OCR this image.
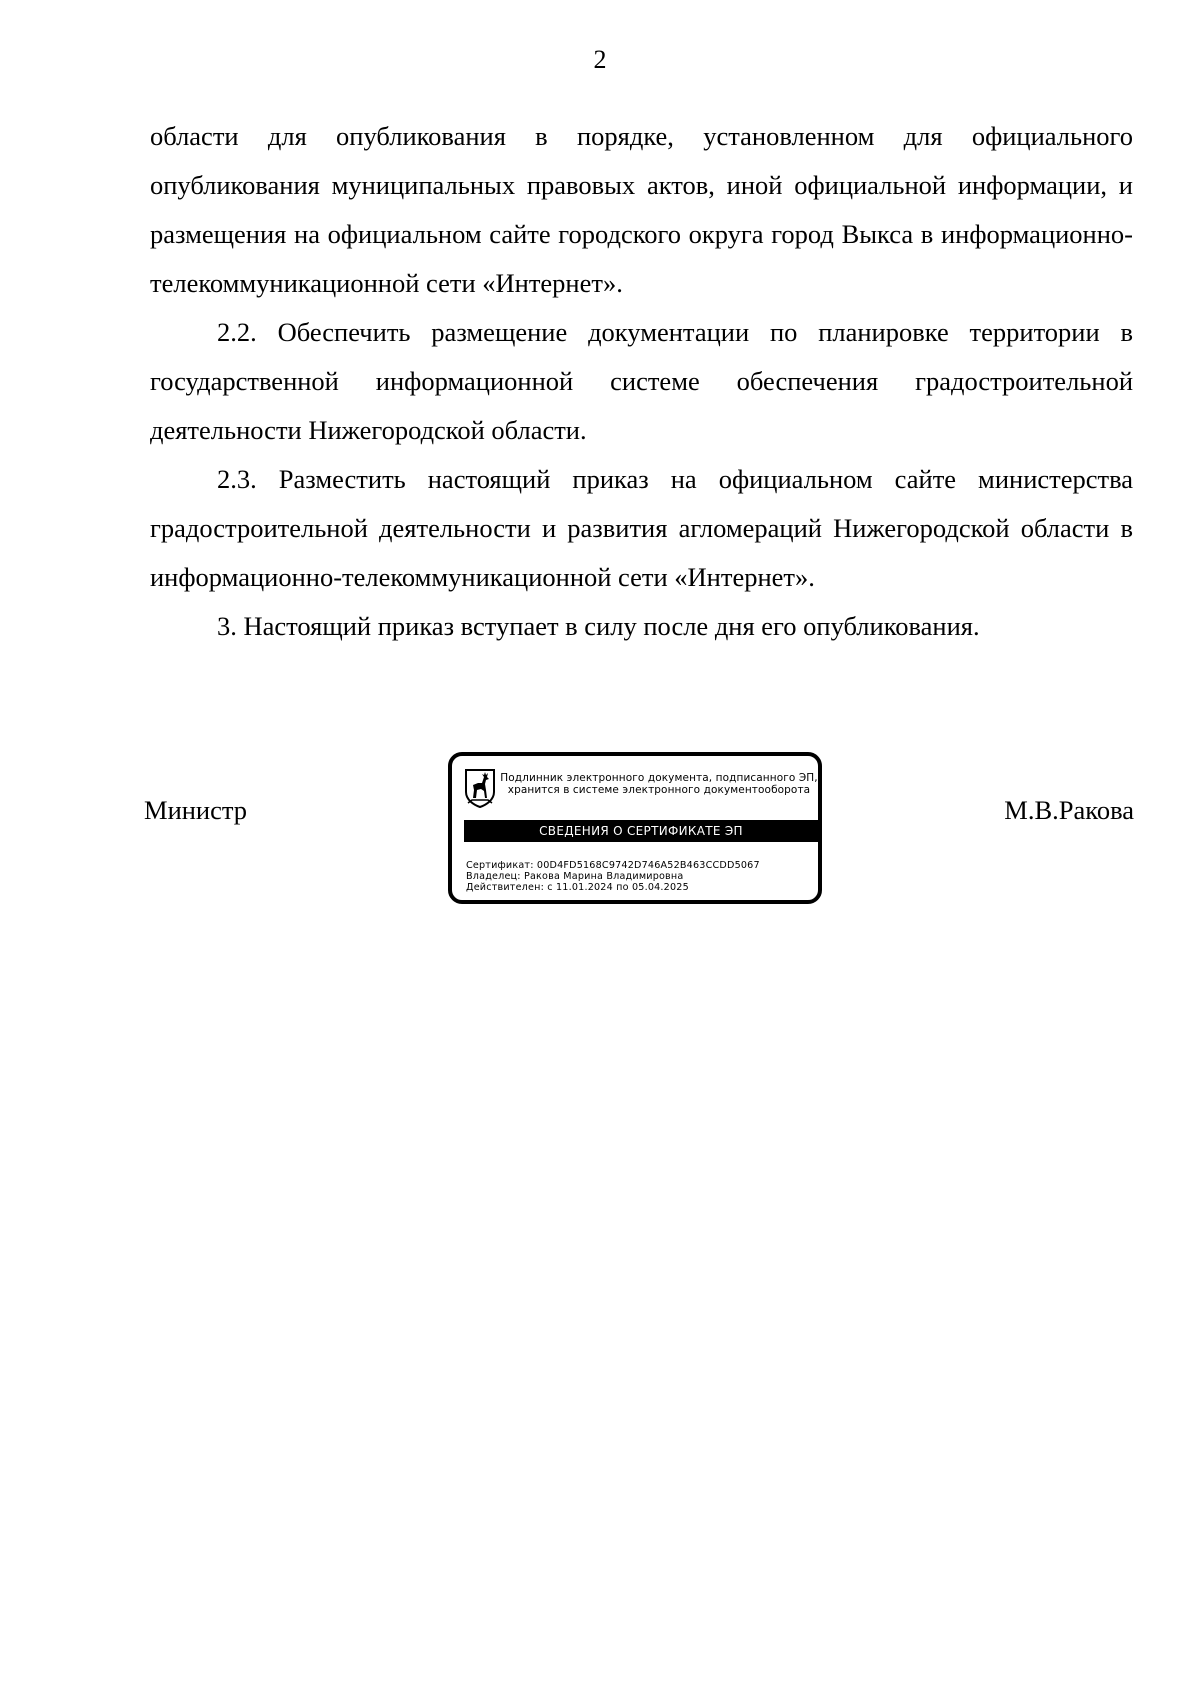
2

области для опубликования в порядке, установленном для официального опубликования муниципальных правовых актов, иной официальной информации, и размещения на официальном сайте городского округа город Выкса в информационно-телекоммуникационной сети «Интернет».

2.2. Обеспечить размещение документации по планировке территории в государственной информационной системе обеспечения градостроительной деятельности Нижегородской области.

2.3. Разместить настоящий приказ на официальном сайте министерства градостроительной деятельности и развития агломераций Нижегородской области в информационно-телекоммуникационной сети «Интернет».

3. Настоящий приказ вступает в силу после дня его опубликования.

Министр
Подлинник электронного документа, подписанного ЭП,
хранится в системе электронного документооборота
СВЕДЕНИЯ О СЕРТИФИКАТЕ ЭП
Сертификат: 00D4FD5168C9742D746A52B463CCDD5067
Владелец: Ракова Марина Владимировна
Действителен: с 11.01.2024 по 05.04.2025
М.В.Ракова
